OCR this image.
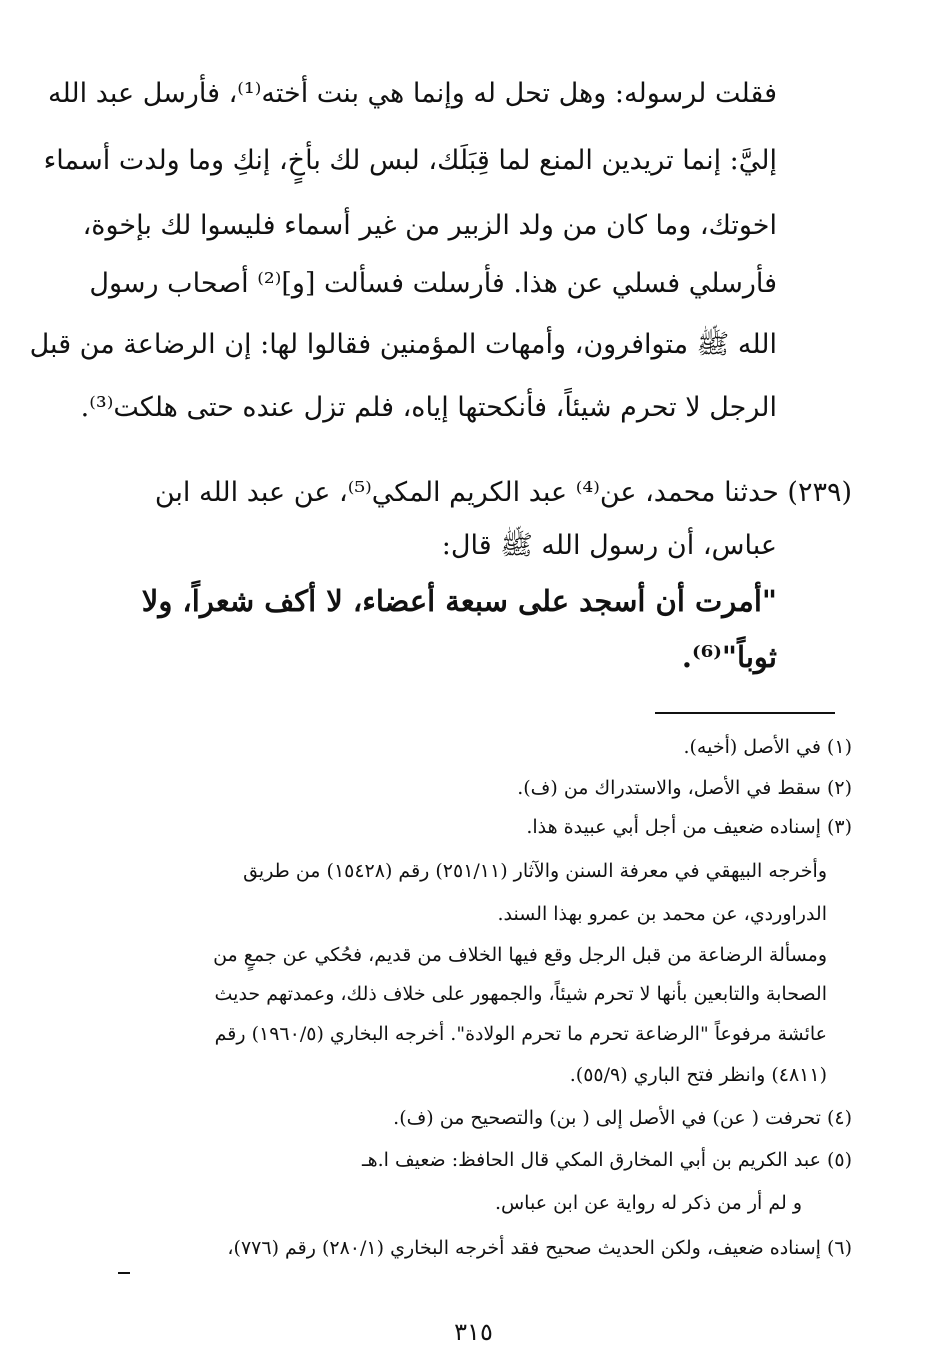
فقلت لرسوله: وهل تحل له وإنما هي بنت أخته⁽¹⁾، فأرسل عبد الله
إليَّ: إنما تريدين المنع لما قِبَلَك، لبس لك بأخٍ، إنكِ وما ولدت أسماء
اخوتك، وما كان من ولد الزبير من غير أسماء فليسوا لك بإخوة،
فأرسلي فسلي عن هذا. فأرسلت فسألت [و]⁽²⁾ أصحاب رسول
الله ﷺ متوافرون، وأمهات المؤمنين فقالوا لها: إن الرضاعة من قبل
الرجل لا تحرم شيئاً، فأنكحتها إياه، فلم تزل عنده حتى هلكت⁽³⁾.
(٢٣٩) حدثنا محمد، عن⁽⁴⁾ عبد الكريم المكي⁽⁵⁾، عن عبد الله ابن
عباس، أن رسول الله ﷺ قال:
"أمرت أن أسجد على سبعة أعضاء، لا أكف شعراً، ولا
ثوباً"⁽⁶⁾.
(١) في الأصل (أخيه).
(٢) سقط في الأصل، والاستدراك من (ف).
(٣) إسناده ضعيف من أجل أبي عبيدة هذا.
وأخرجه البيهقي في معرفة السنن والآثار (٢٥١/١١) رقم (١٥٤٢٨) من طريق
الدراوردي، عن محمد بن عمرو بهذا السند.
ومسألة الرضاعة من قبل الرجل وقع فيها الخلاف من قديم، فحُكي عن جمعٍ من
الصحابة والتابعين بأنها لا تحرم شيئاً، والجمهور على خلاف ذلك، وعمدتهم حديث
عائشة مرفوعاً "الرضاعة تحرم ما تحرم الولادة". أخرجه البخاري (١٩٦٠/٥) رقم
(٤٨١١) وانظر فتح الباري (٥٥/٩).
(٤) تحرفت ( عن) في الأصل إلى ( بن) والتصحيح من (ف).
(٥) عبد الكريم بن أبي المخارق المكي قال الحافظ: ضعيف ا.هـ
و لم أر من ذكر له رواية عن ابن عباس.
(٦) إسناده ضعيف، ولكن الحديث صحيح فقد أخرجه البخاري (٢٨٠/١) رقم (٧٧٦)،
٣١٥
